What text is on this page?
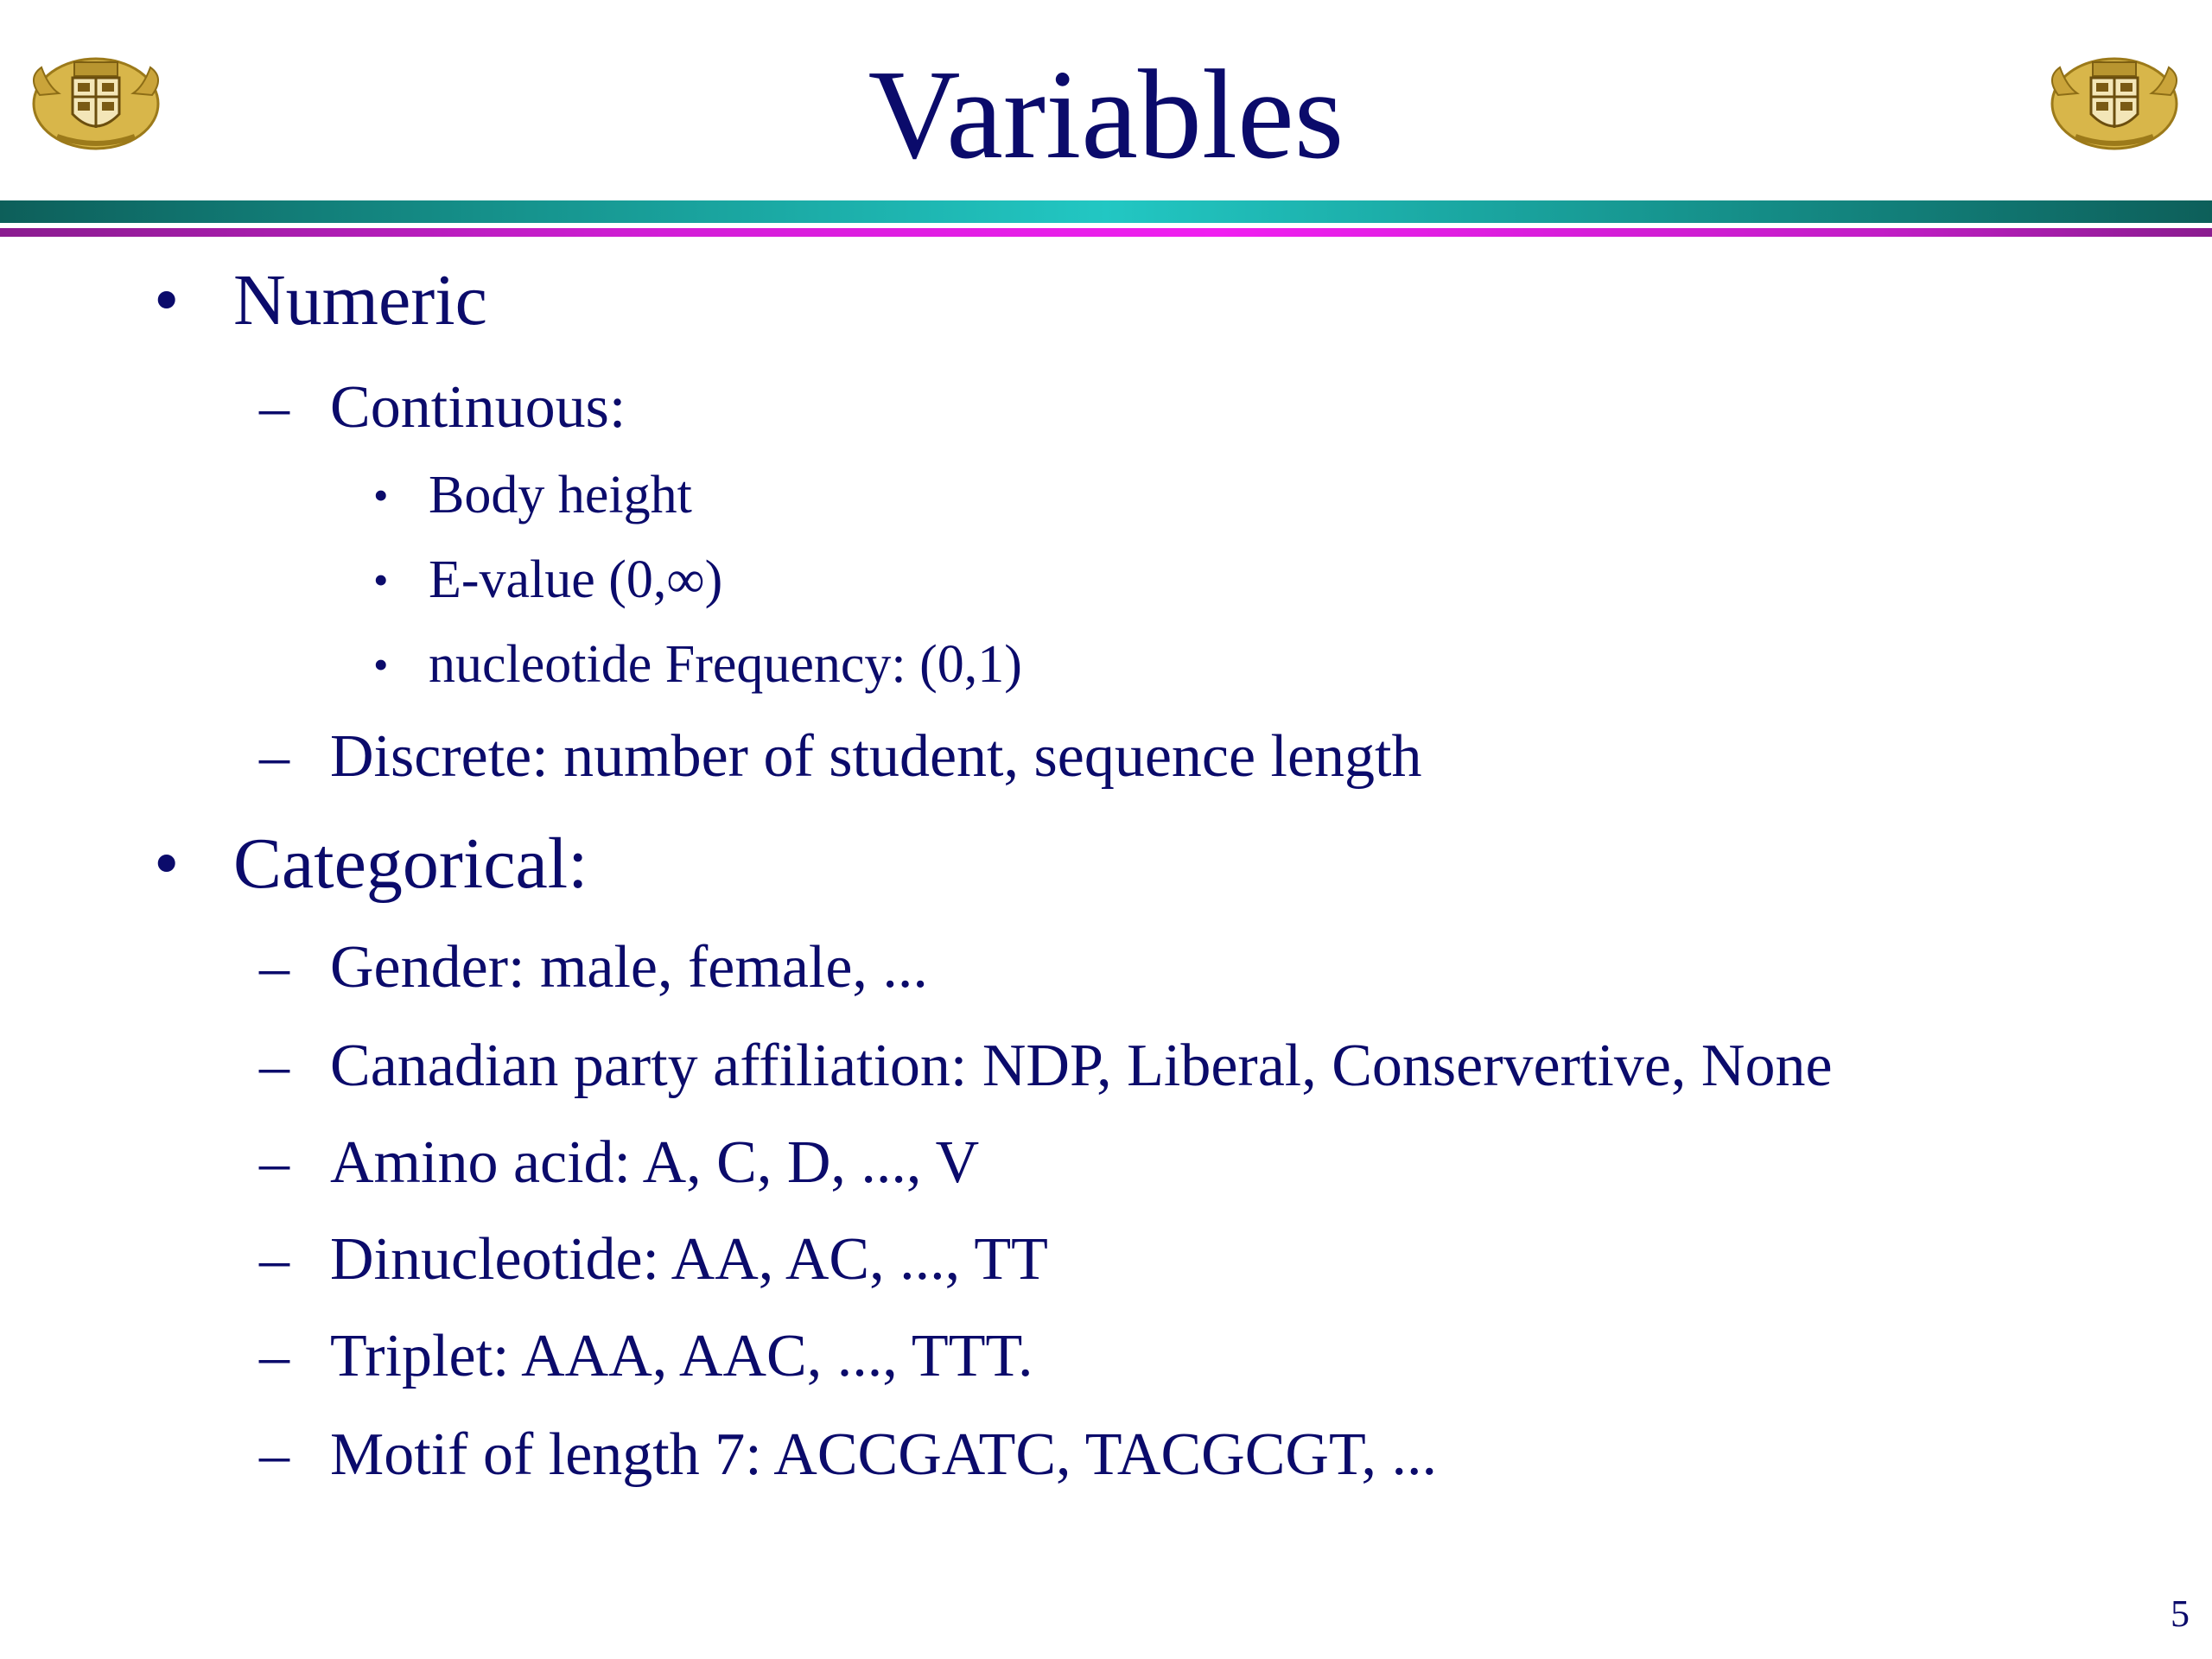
Variables
• Numeric
– Continuous:
• Body height
• E-value (0,∞)
• nucleotide Frequency: (0,1)
– Discrete: number of student, sequence length
• Categorical:
– Gender: male, female, ...
– Canadian party affiliation: NDP, Liberal, Conservertive, None
– Amino acid: A, C, D, ..., V
– Dinucleotide: AA, AC, ..., TT
– Triplet: AAA, AAC, ..., TTT.
– Motif of length 7: ACCGATC, TACGCGT, ...
5
